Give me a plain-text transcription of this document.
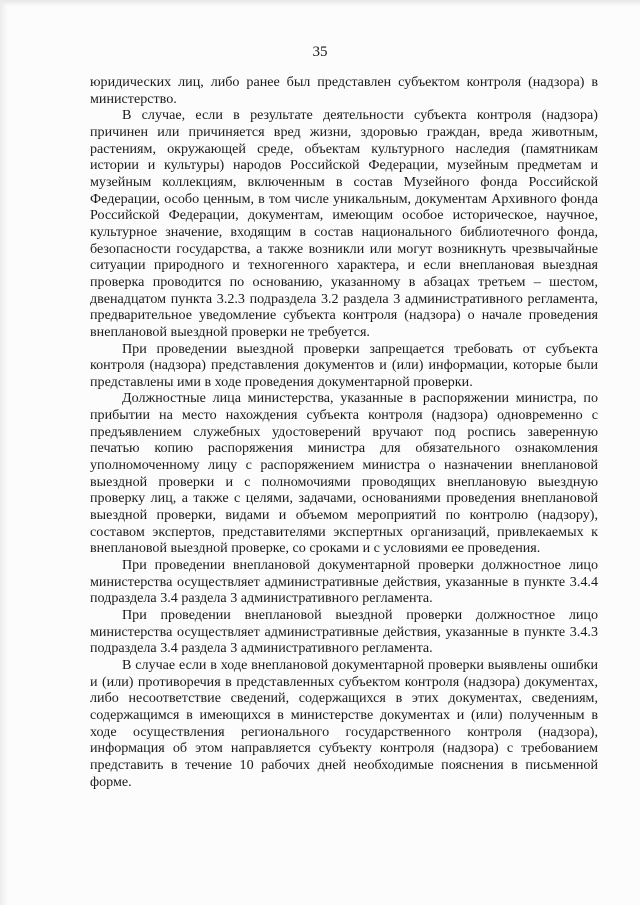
35

юридических лиц, либо ранее был представлен субъектом контроля (надзора) в министерство.

В случае, если в результате деятельности субъекта контроля (надзора) причинен или причиняется вред жизни, здоровью граждан, вреда животным, растениям, окружающей среде, объектам культурного наследия (памятникам истории и культуры) народов Российской Федерации, музейным предметам и музейным коллекциям, включенным в состав Музейного фонда Российской Федерации, особо ценным, в том числе уникальным, документам Архивного фонда Российской Федерации, документам, имеющим особое историческое, научное, культурное значение, входящим в состав национального библиотечного фонда, безопасности государства, а также возникли или могут возникнуть чрезвычайные ситуации природного и техногенного характера, и если внеплановая выездная проверка проводится по основанию, указанному в абзацах третьем – шестом, двенадцатом пункта 3.2.3 подраздела 3.2 раздела 3 административного регламента, предварительное уведомление субъекта контроля (надзора) о начале проведения внеплановой выездной проверки не требуется.

При проведении выездной проверки запрещается требовать от субъекта контроля (надзора) представления документов и (или) информации, которые были представлены ими в ходе проведения документарной проверки.

Должностные лица министерства, указанные в распоряжении министра, по прибытии на место нахождения субъекта контроля (надзора) одновременно с предъявлением служебных удостоверений вручают под роспись заверенную печатью копию распоряжения министра для обязательного ознакомления уполномоченному лицу с распоряжением министра о назначении внеплановой выездной проверки и с полномочиями проводящих внеплановую выездную проверку лиц, а также с целями, задачами, основаниями проведения внеплановой выездной проверки, видами и объемом мероприятий по контролю (надзору), составом экспертов, представителями экспертных организаций, привлекаемых к внеплановой выездной проверке, со сроками и с условиями ее проведения.

При проведении внеплановой документарной проверки должностное лицо министерства осуществляет административные действия, указанные в пункте 3.4.4 подраздела 3.4 раздела 3 административного регламента.

При проведении внеплановой выездной проверки должностное лицо министерства осуществляет административные действия, указанные в пункте 3.4.3 подраздела 3.4 раздела 3 административного регламента.

В случае если в ходе внеплановой документарной проверки выявлены ошибки и (или) противоречия в представленных субъектом контроля (надзора) документах, либо несоответствие сведений, содержащихся в этих документах, сведениям, содержащимся в имеющихся в министерстве документах и (или) полученным в ходе осуществления регионального государственного контроля (надзора), информация об этом направляется субъекту контроля (надзора) с требованием представить в течение 10 рабочих дней необходимые пояснения в письменной форме.
